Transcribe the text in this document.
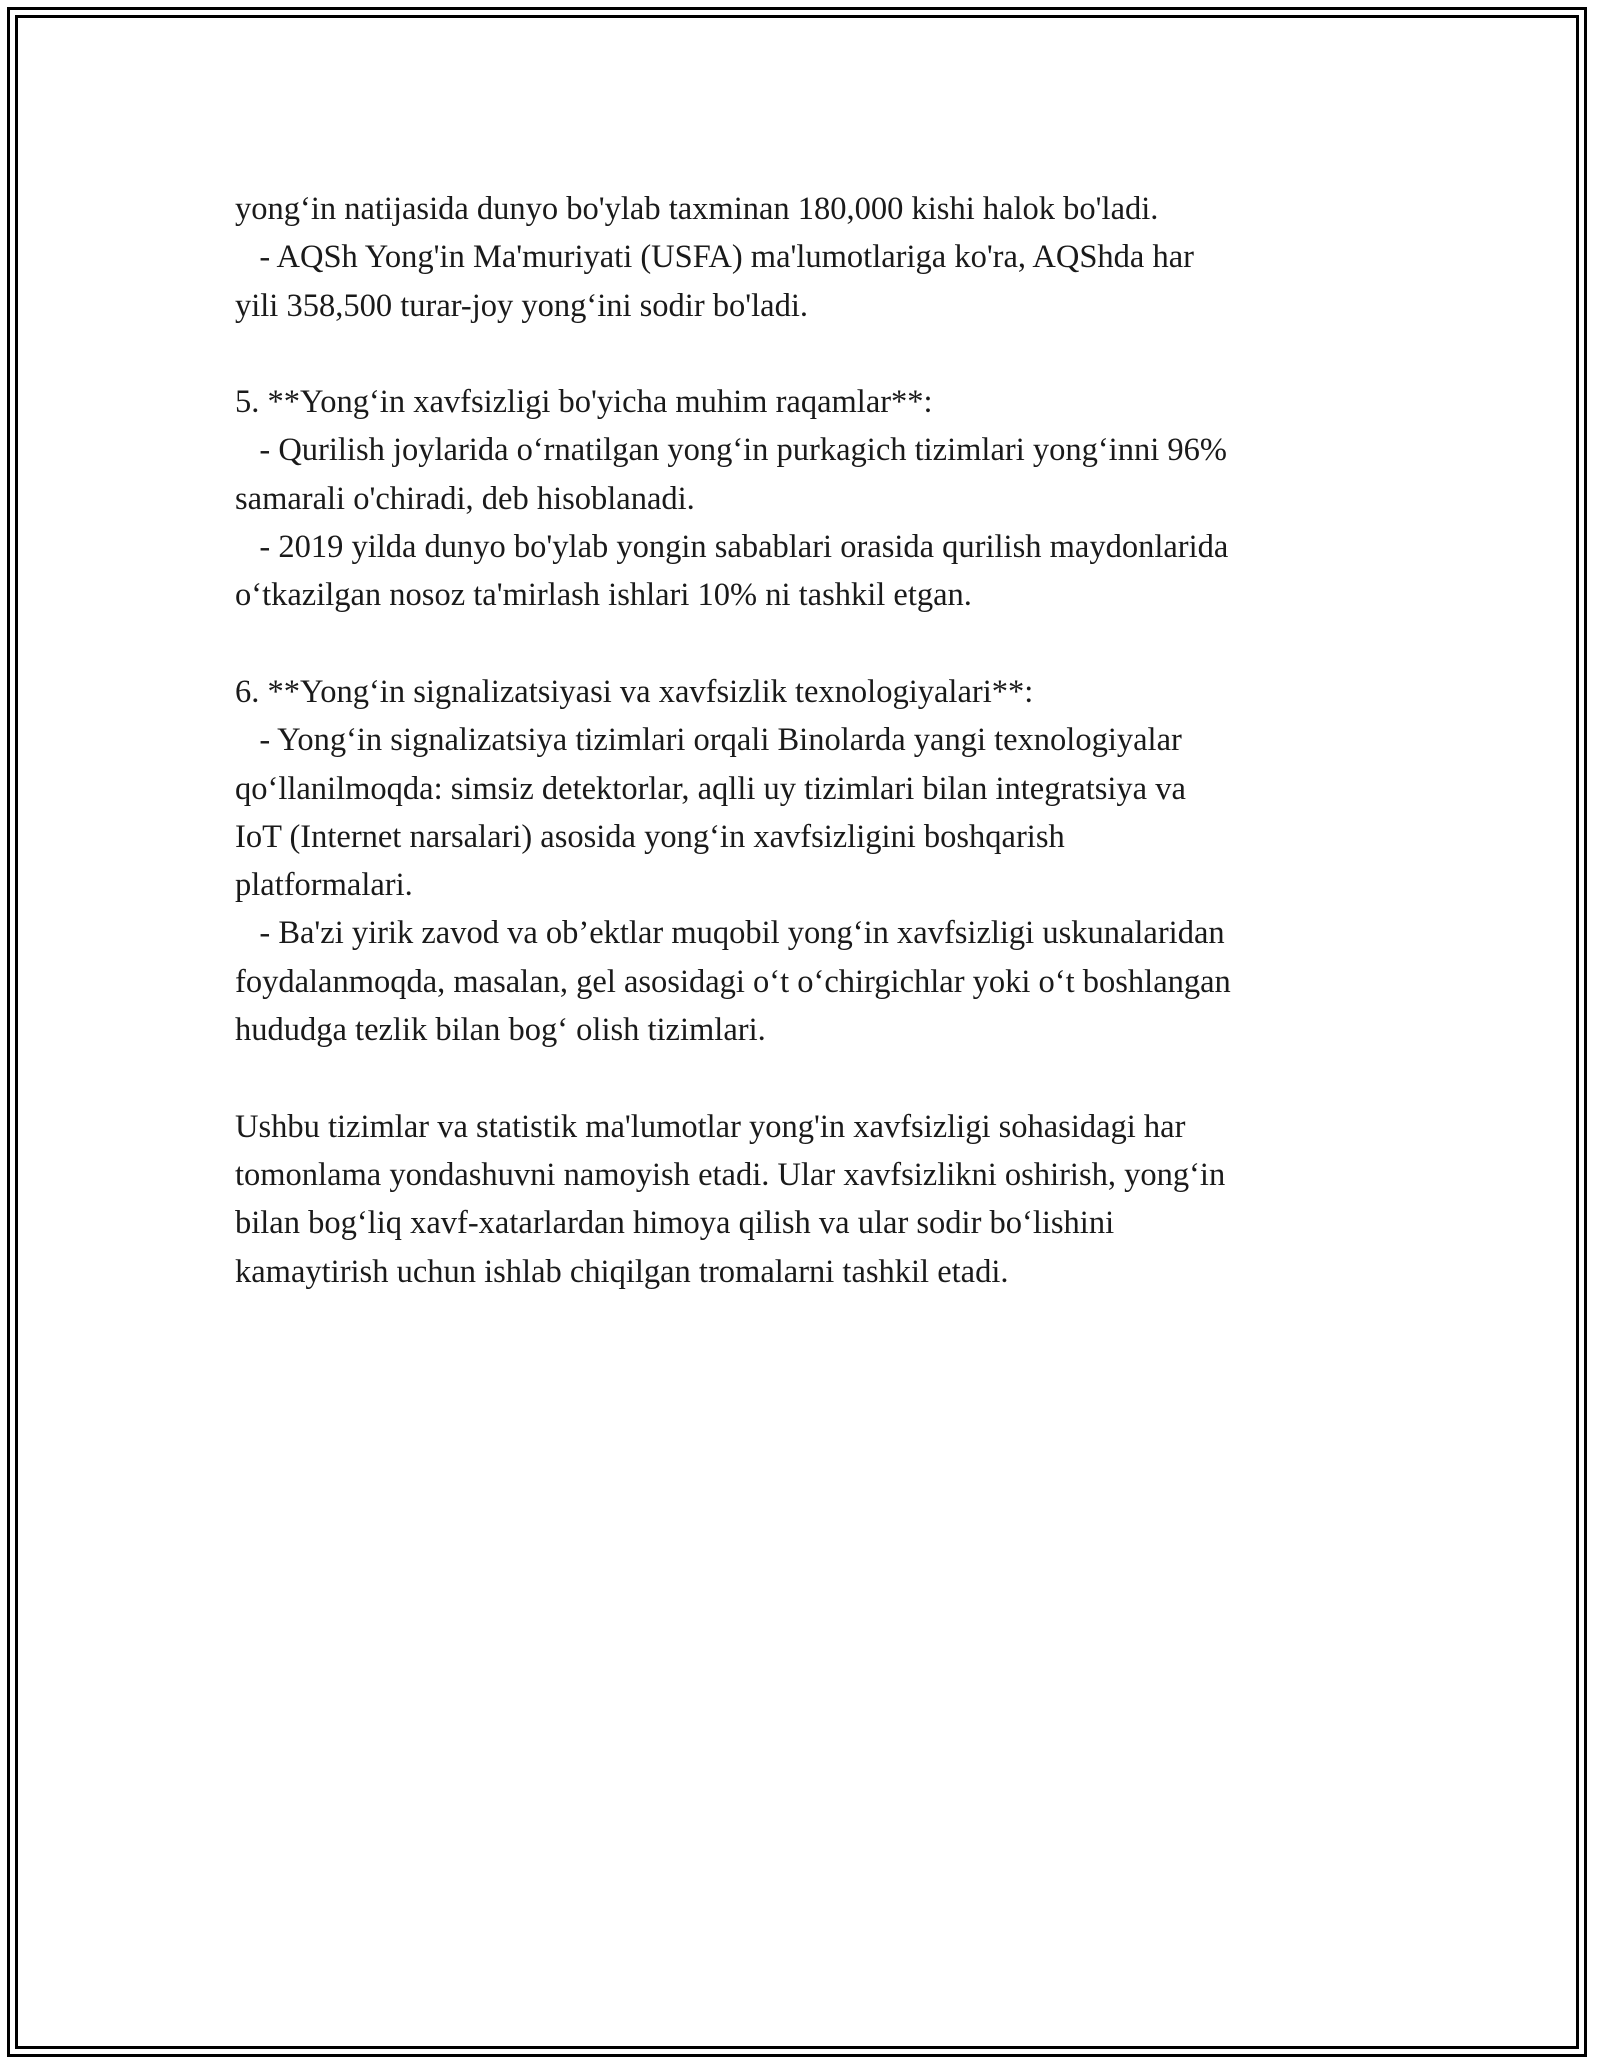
yong‘in natijasida dunyo bo'ylab taxminan 180,000 kishi halok bo'ladi.
- AQSh Yong'in Ma'muriyati (USFA) ma'lumotlariga ko'ra, AQShda har
yili 358,500 turar-joy yong‘ini sodir bo'ladi.
5. **Yong‘in xavfsizligi bo'yicha muhim raqamlar**:
- Qurilish joylarida o‘rnatilgan yong‘in purkagich tizimlari yong‘inni 96%
samarali o'chiradi, deb hisoblanadi.
- 2019 yilda dunyo bo'ylab yongin sabablari orasida qurilish maydonlarida
o‘tkazilgan nosoz ta'mirlash ishlari 10% ni tashkil etgan.
6. **Yong‘in signalizatsiyasi va xavfsizlik texnologiyalari**:
- Yong‘in signalizatsiya tizimlari orqali Binolarda yangi texnologiyalar
qo‘llanilmoqda: simsiz detektorlar, aqlli uy tizimlari bilan integratsiya va
IoT (Internet narsalari) asosida yong‘in xavfsizligini boshqarish
platformalari.
- Ba'zi yirik zavod va ob’ektlar muqobil yong‘in xavfsizligi uskunalaridan
foydalanmoqda, masalan, gel asosidagi o‘t o‘chirgichlar yoki o‘t boshlangan
hududga tezlik bilan bog‘ olish tizimlari.
Ushbu tizimlar va statistik ma'lumotlar yong'in xavfsizligi sohasidagi har
tomonlama yondashuvni namoyish etadi. Ular xavfsizlikni oshirish, yong‘in
bilan bog‘liq xavf-xatarlardan himoya qilish va ular sodir bo‘lishini
kamaytirish uchun ishlab chiqilgan tromalarni tashkil etadi.
